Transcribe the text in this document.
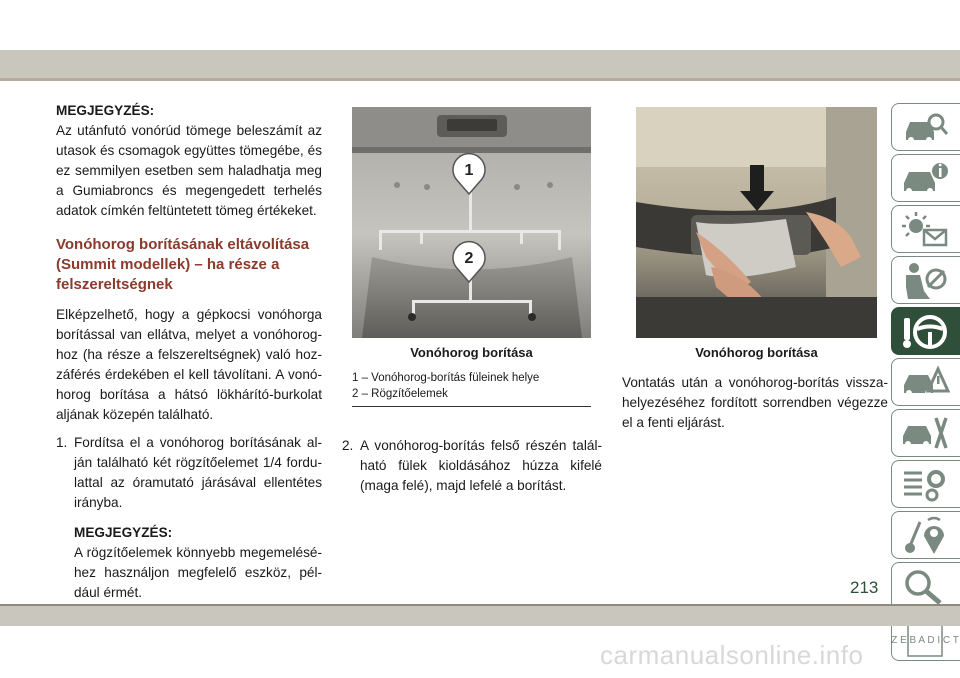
MEGJEGYZÉS:

Az utánfutó vonórúd tömege beleszámít az utasok és csomagok együttes tömegébe, és ez semmilyen esetben sem haladhatja meg a Gumiabroncs és megengedett terhelés adatok címkén feltüntetett tömeg értékeket.

Vonóhorog borításának eltávolítása (Summit modellek) – ha része a felszereltségnek

Elképzelhető, hogy a gépkocsi vonóhorga borítással van ellátva, melyet a vonóhorog-hoz (ha része a felszereltségnek) való hoz-záférés érdekében el kell távolítani. A vonó-horog borítása a hátsó lökhárító-burkolat aljának közepén található.

1. Fordítsa el a vonóhorog borításának al-ján található két rögzítőelemet 1/4 fordu-lattal az óramutató járásával ellentétes irányba.
MEGJEGYZÉS:
A rögzítőelemek könnyebb megemelésé-hez használjon megfelelő eszköz, pél-dául érmét.
1
2
Vonóhorog borítása
1 – Vonóhorog-borítás füleinek helye
2 – Rögzítőelemek
2. A vonóhorog-borítás felső részén talál-ható fülek kioldásához húzza kifelé (maga felé), majd lefelé a borítást.
Vonóhorog borítása

Vontatás után a vonóhorog-borítás vissza-helyezéséhez fordított sorrendben végezze el a fenti eljárást.

Z E B A D I C T
213
carmanualsonline.info
